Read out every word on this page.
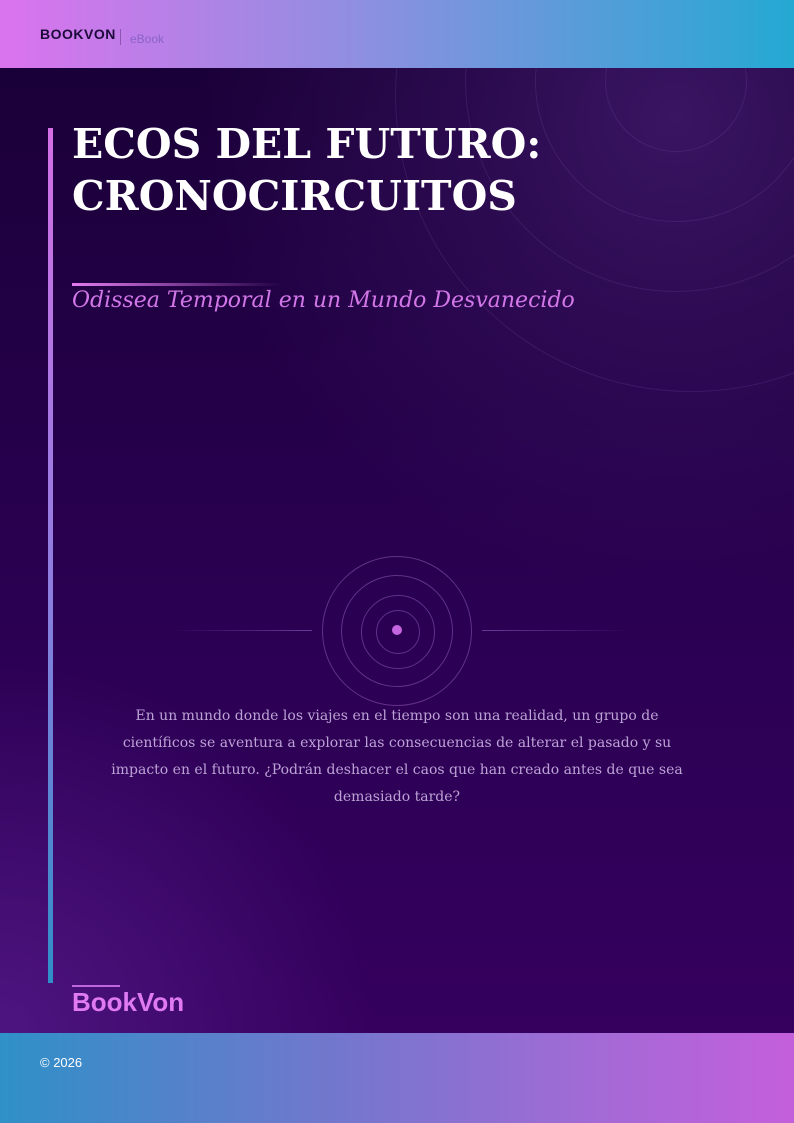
BOOKVON eBook
ECOS DEL FUTURO:
CRONOCIRCUITOS
Odissea Temporal en un Mundo Desvanecido

En un mundo donde los viajes en el tiempo son una realidad, un grupo de científicos se aventura a explorar las consecuencias de alterar el pasado y su impacto en el futuro. ¿Podrán deshacer el caos que han creado antes de que sea demasiado tarde?

BookVon
© 2026
